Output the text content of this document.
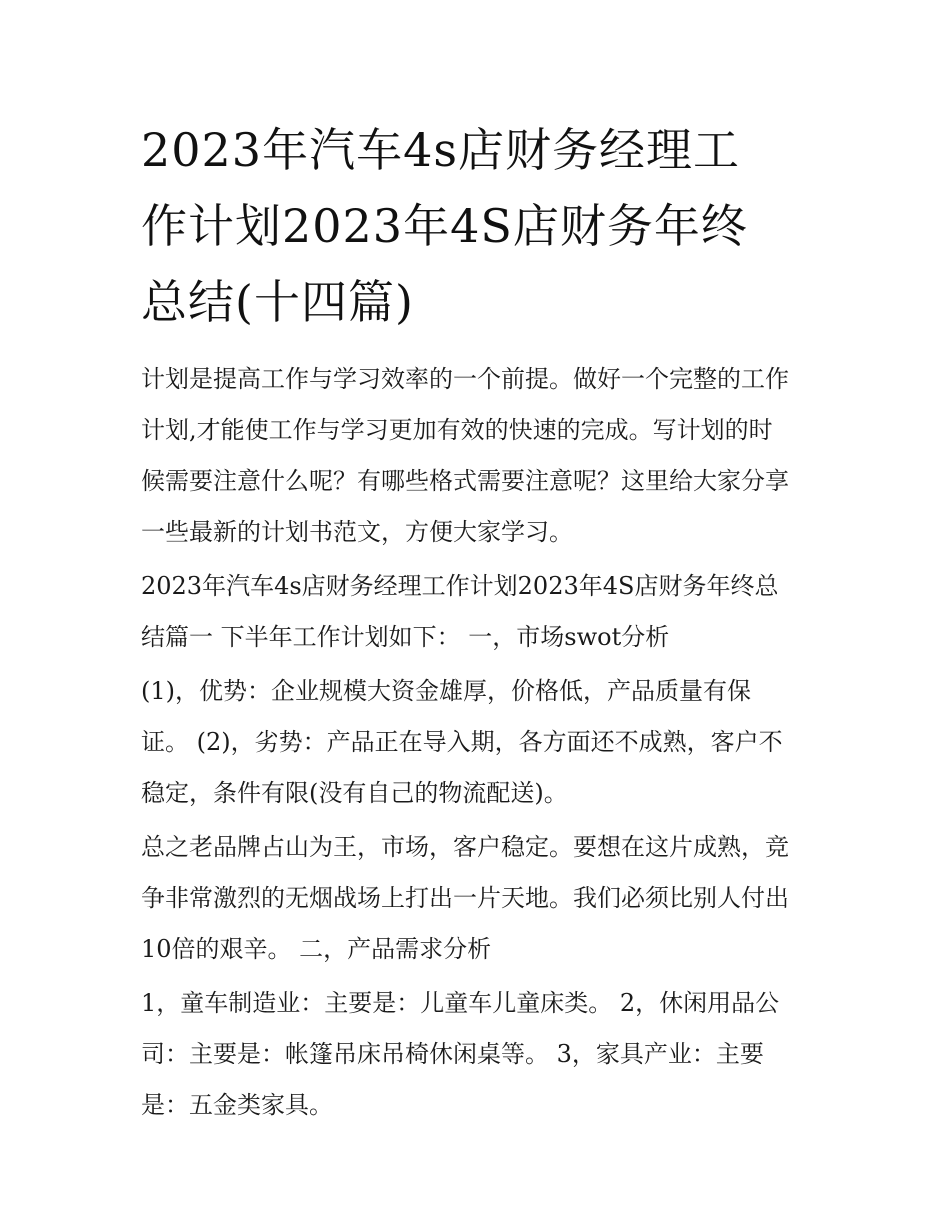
2023年汽车4s店财务经理工
作计划2023年4S店财务年终
总结(十四篇)

计划是提高工作与学习效率的一个前提。做好一个完整的工作
计划,才能使工作与学习更加有效的快速的完成。写计划的时
候需要注意什么呢？有哪些格式需要注意呢？这里给大家分享
一些最新的计划书范文，方便大家学习。

2023年汽车4s店财务经理工作计划2023年4S店财务年终总
结篇一 下半年工作计划如下： 一，市场swot分析

(1)，优势：企业规模大资金雄厚，价格低，产品质量有保
证。 (2)，劣势：产品正在导入期，各方面还不成熟，客户不
稳定，条件有限(没有自己的物流配送)。

总之老品牌占山为王，市场，客户稳定。要想在这片成熟，竞
争非常激烈的无烟战场上打出一片天地。我们必须比别人付出
10倍的艰辛。 二，产品需求分析

1，童车制造业：主要是：儿童车儿童床类。 2，休闲用品公
司：主要是：帐篷吊床吊椅休闲桌等。 3，家具产业：主要
是：五金类家具。
